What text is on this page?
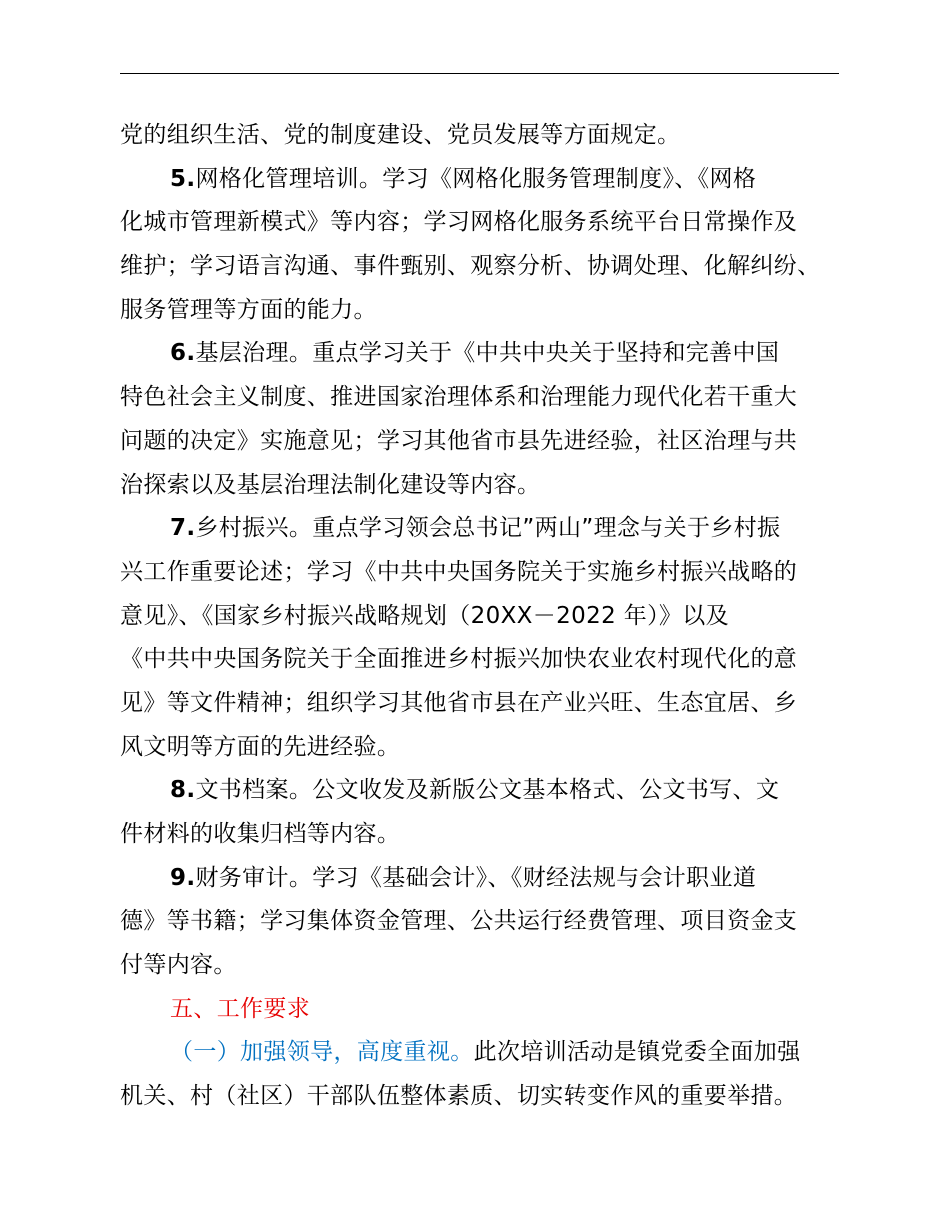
党的组织生活、党的制度建设、党员发展等方面规定。
5.网格化管理培训。学习《网格化服务管理制度》、《网格
化城市管理新模式》等内容；学习网格化服务系统平台日常操作及
维护；学习语言沟通、事件甄别、观察分析、协调处理、化解纠纷、
服务管理等方面的能力。
6.基层治理。重点学习关于《中共中央关于坚持和完善中国
特色社会主义制度、推进国家治理体系和治理能力现代化若干重大
问题的决定》实施意见；学习其他省市县先进经验，社区治理与共
治探索以及基层治理法制化建设等内容。
7.乡村振兴。重点学习领会总书记”两山”理念与关于乡村振
兴工作重要论述；学习《中共中央国务院关于实施乡村振兴战略的
意见》、《国家乡村振兴战略规划（20XX－2022 年）》以及
《中共中央国务院关于全面推进乡村振兴加快农业农村现代化的意
见》等文件精神；组织学习其他省市县在产业兴旺、生态宜居、乡
风文明等方面的先进经验。
8.文书档案。公文收发及新版公文基本格式、公文书写、文
件材料的收集归档等内容。
9.财务审计。学习《基础会计》、《财经法规与会计职业道
德》等书籍；学习集体资金管理、公共运行经费管理、项目资金支
付等内容。
五、工作要求
（一）加强领导，高度重视。此次培训活动是镇党委全面加强
机关、村（社区）干部队伍整体素质、切实转变作风的重要举措。
